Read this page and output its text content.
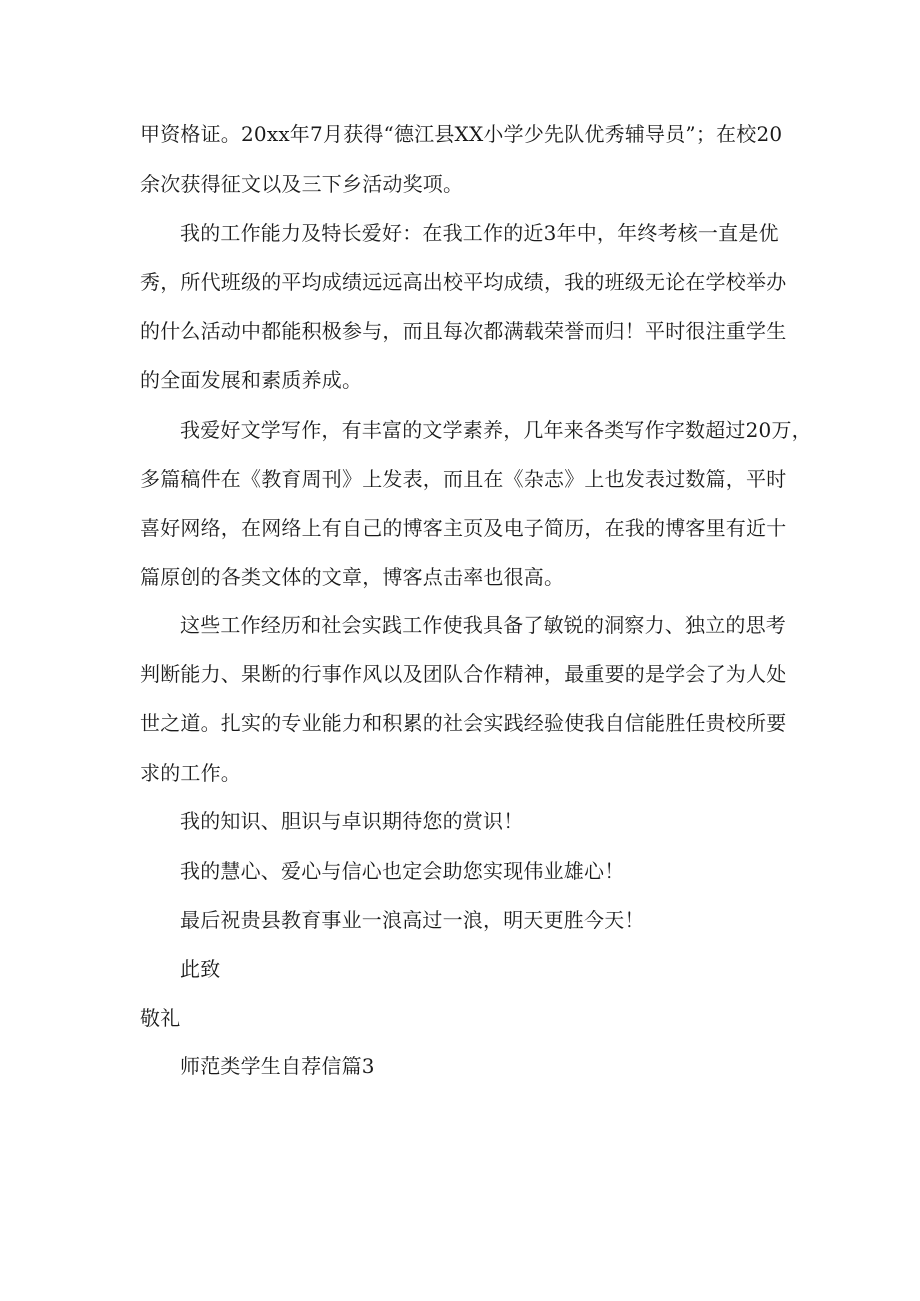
甲资格证。20xx年7月获得“德江县XX小学少先队优秀辅导员”；在校20
余次获得征文以及三下乡活动奖项。
我的工作能力及特长爱好：在我工作的近3年中，年终考核一直是优
秀，所代班级的平均成绩远远高出校平均成绩，我的班级无论在学校举办
的什么活动中都能积极参与，而且每次都满载荣誉而归！平时很注重学生
的全面发展和素质养成。
我爱好文学写作，有丰富的文学素养，几年来各类写作字数超过20万，
多篇稿件在《教育周刊》上发表，而且在《杂志》上也发表过数篇，平时
喜好网络，在网络上有自己的博客主页及电子简历，在我的博客里有近十
篇原创的各类文体的文章，博客点击率也很高。
这些工作经历和社会实践工作使我具备了敏锐的洞察力、独立的思考
判断能力、果断的行事作风以及团队合作精神，最重要的是学会了为人处
世之道。扎实的专业能力和积累的社会实践经验使我自信能胜任贵校所要
求的工作。
我的知识、胆识与卓识期待您的赏识！
我的慧心、爱心与信心也定会助您实现伟业雄心！
最后祝贵县教育事业一浪高过一浪，明天更胜今天！
此致
敬礼
师范类学生自荐信篇3
